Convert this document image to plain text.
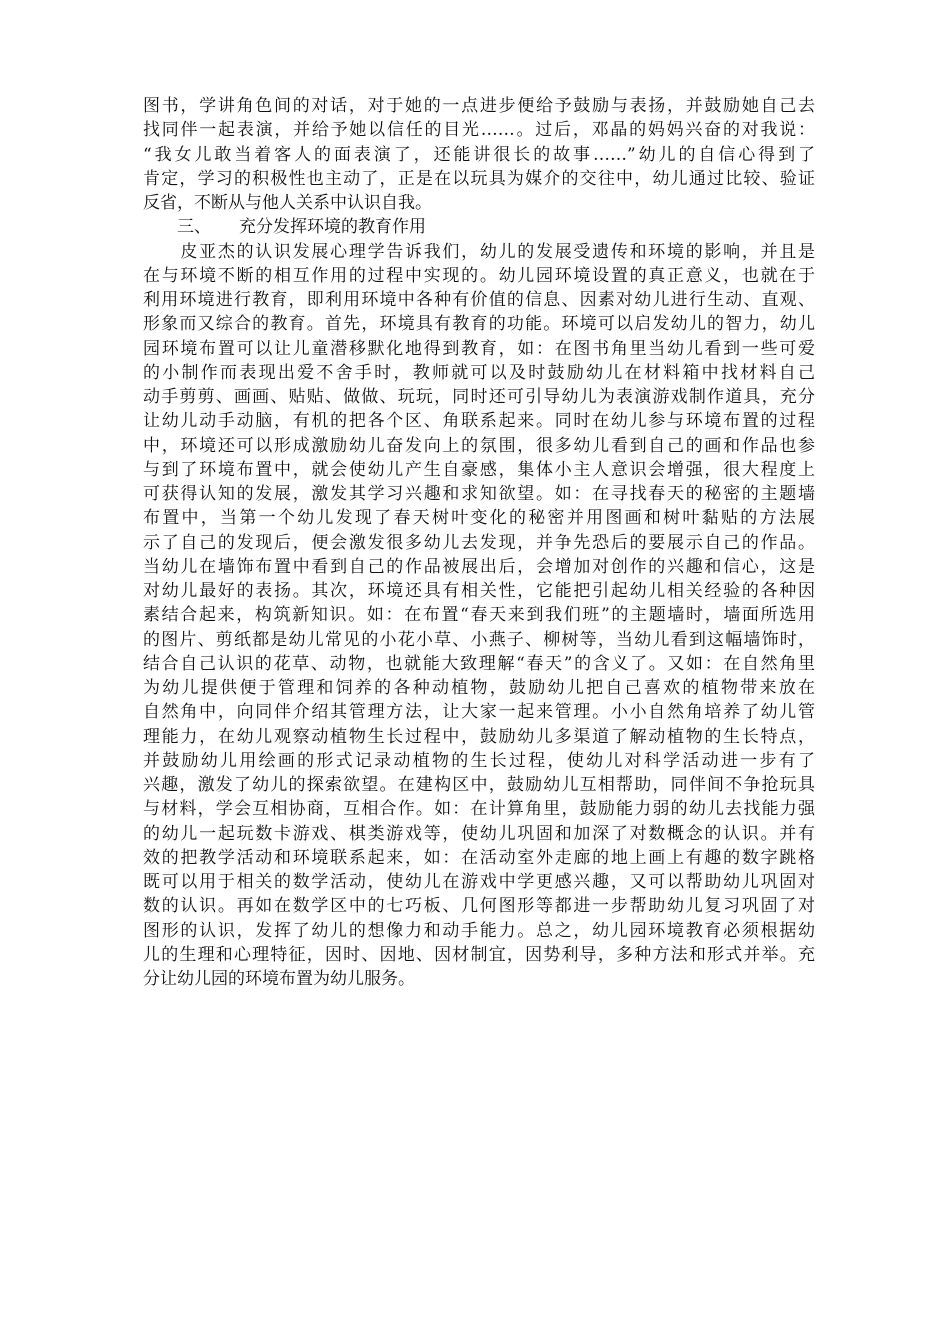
图书，学讲角色间的对话，对于她的一点进步便给予鼓励与表扬，并鼓励她自己去
找同伴一起表演，并给予她以信任的目光……。过后，邓晶的妈妈兴奋的对我说：
“我女儿敢当着客人的面表演了，还能讲很长的故事……”幼儿的自信心得到了
肯定，学习的积极性也主动了，正是在以玩具为媒介的交往中，幼儿通过比较、验证
反省，不断从与他人关系中认识自我。
三、 充分发挥环境的教育作用
　　皮亚杰的认识发展心理学告诉我们，幼儿的发展受遗传和环境的影响，并且是
在与环境不断的相互作用的过程中实现的。幼儿园环境设置的真正意义，也就在于
利用环境进行教育，即利用环境中各种有价值的信息、因素对幼儿进行生动、直观、
形象而又综合的教育。首先，环境具有教育的功能。环境可以启发幼儿的智力，幼儿
园环境布置可以让儿童潜移默化地得到教育，如：在图书角里当幼儿看到一些可爱
的小制作而表现出爱不舍手时，教师就可以及时鼓励幼儿在材料箱中找材料自己
动手剪剪、画画、贴贴、做做、玩玩，同时还可引导幼儿为表演游戏制作道具，充分
让幼儿动手动脑，有机的把各个区、角联系起来。同时在幼儿参与环境布置的过程
中，环境还可以形成激励幼儿奋发向上的氛围，很多幼儿看到自己的画和作品也参
与到了环境布置中，就会使幼儿产生自豪感，集体小主人意识会增强，很大程度上
可获得认知的发展，激发其学习兴趣和求知欲望。如：在寻找春天的秘密的主题墙
布置中，当第一个幼儿发现了春天树叶变化的秘密并用图画和树叶黏贴的方法展
示了自己的发现后，便会激发很多幼儿去发现，并争先恐后的要展示自己的作品。
当幼儿在墙饰布置中看到自己的作品被展出后，会增加对创作的兴趣和信心，这是
对幼儿最好的表扬。其次，环境还具有相关性，它能把引起幼儿相关经验的各种因
素结合起来，构筑新知识。如：在布置“春天来到我们班”的主题墙时，墙面所选用
的图片、剪纸都是幼儿常见的小花小草、小燕子、柳树等，当幼儿看到这幅墙饰时，
结合自己认识的花草、动物，也就能大致理解“春天”的含义了。又如：在自然角里
为幼儿提供便于管理和饲养的各种动植物，鼓励幼儿把自己喜欢的植物带来放在
自然角中，向同伴介绍其管理方法，让大家一起来管理。小小自然角培养了幼儿管
理能力，在幼儿观察动植物生长过程中，鼓励幼儿多渠道了解动植物的生长特点，
并鼓励幼儿用绘画的形式记录动植物的生长过程，使幼儿对科学活动进一步有了
兴趣，激发了幼儿的探索欲望。在建构区中，鼓励幼儿互相帮助，同伴间不争抢玩具
与材料，学会互相协商，互相合作。如：在计算角里，鼓励能力弱的幼儿去找能力强
的幼儿一起玩数卡游戏、棋类游戏等，使幼儿巩固和加深了对数概念的认识。并有
效的把教学活动和环境联系起来，如：在活动室外走廊的地上画上有趣的数字跳格
既可以用于相关的数学活动，使幼儿在游戏中学更感兴趣，又可以帮助幼儿巩固对
数的认识。再如在数学区中的七巧板、几何图形等都进一步帮助幼儿复习巩固了对
图形的认识，发挥了幼儿的想像力和动手能力。总之，幼儿园环境教育必须根据幼
儿的生理和心理特征，因时、因地、因材制宜，因势利导，多种方法和形式并举。充
分让幼儿园的环境布置为幼儿服务。
